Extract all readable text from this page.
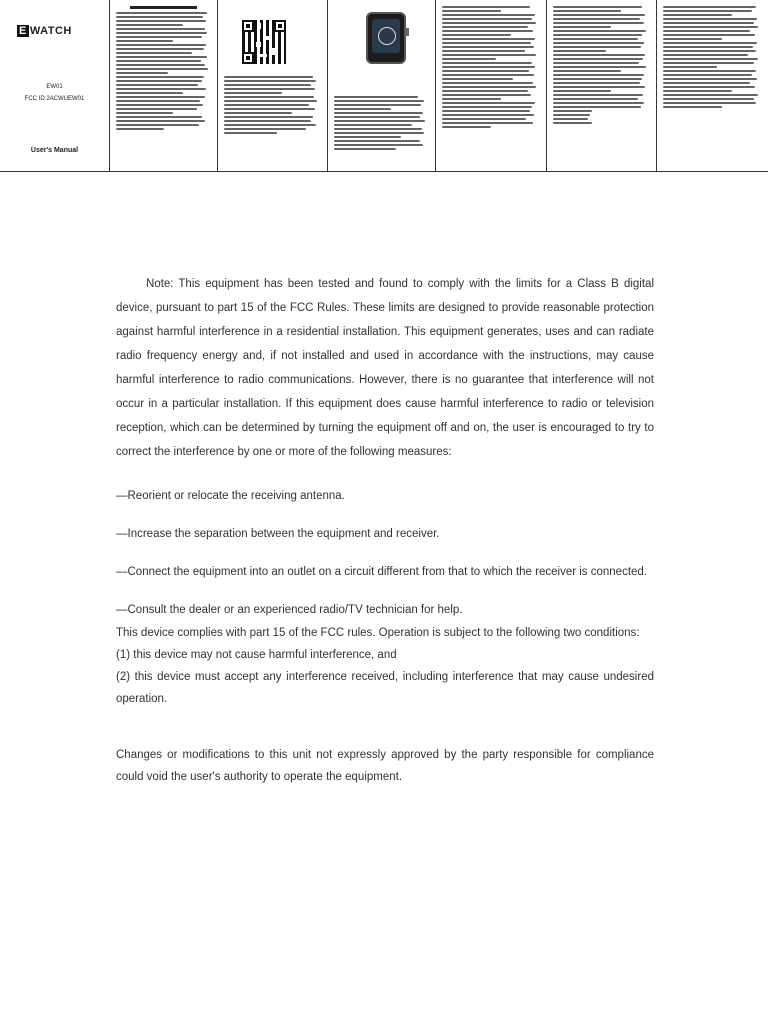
E WATCH
EW01
FCC ID:2ACWUEW01
User's Manual

Note: This equipment has been tested and found to comply with the limits for a Class B digital device, pursuant to part 15 of the FCC Rules. These limits are designed to provide reasonable protection against harmful interference in a residential installation. This equipment generates, uses and can radiate radio frequency energy and, if not installed and used in accordance with the instructions, may cause harmful interference to radio communications. However, there is no guarantee that interference will not occur in a particular installation. If this equipment does cause harmful interference to radio or television reception, which can be determined by turning the equipment off and on, the user is encouraged to try to correct the interference by one or more of the following measures:

—Reorient or relocate the receiving antenna.
—Increase the separation between the equipment and receiver.
—Connect the equipment into an outlet on a circuit different from that to which the receiver is connected.
—Consult the dealer or an experienced radio/TV technician for help.
This device complies with part 15 of the FCC rules. Operation is subject to the following two conditions:
(1) this device may not cause harmful interference, and
(2) this device must accept any interference received, including interference that may cause undesired operation.
Changes or modifications to this unit not expressly approved by the party responsible for compliance could void the user's authority to operate the equipment.
